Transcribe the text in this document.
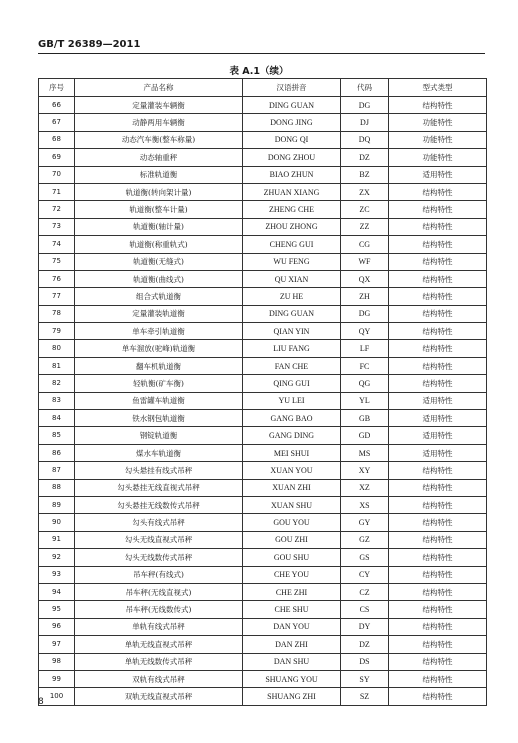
GB/T 26389—2011
表 A.1（续）
序号	产品名称	汉语拼音	代码	型式类型
66	定量灌装车辆衡	DING GUAN	DG	结构特性
67	动静两用车辆衡	DONG JING	DJ	功能特性
68	动态汽车衡(整车称量)	DONG QI	DQ	功能特性
69	动态轴重秤	DONG ZHOU	DZ	功能特性
70	标准轨道衡	BIAO ZHUN	BZ	适用特性
71	轨道衡(转向架计量)	ZHUAN XIANG	ZX	结构特性
72	轨道衡(整车计量)	ZHENG CHE	ZC	结构特性
73	轨道衡(轴计量)	ZHOU ZHONG	ZZ	结构特性
74	轨道衡(称重轨式)	CHENG GUI	CG	结构特性
75	轨道衡(无缝式)	WU FENG	WF	结构特性
76	轨道衡(曲线式)	QU XIAN	QX	结构特性
77	组合式轨道衡	ZU HE	ZH	结构特性
78	定量灌装轨道衡	DING GUAN	DG	结构特性
79	单车牵引轨道衡	QIAN YIN	QY	结构特性
80	单车溜放(驼峰)轨道衡	LIU FANG	LF	结构特性
81	翻车机轨道衡	FAN CHE	FC	结构特性
82	轻轨衡(矿车衡)	QING GUI	QG	结构特性
83	鱼雷罐车轨道衡	YU LEI	YL	适用特性
84	铁水钢包轨道衡	GANG BAO	GB	适用特性
85	钢锭轨道衡	GANG DING	GD	适用特性
86	煤水车轨道衡	MEI SHUI	MS	适用特性
87	勾头悬挂有线式吊秤	XUAN YOU	XY	结构特性
88	勾头悬挂无线直视式吊秤	XUAN ZHI	XZ	结构特性
89	勾头悬挂无线数传式吊秤	XUAN SHU	XS	结构特性
90	勾头有线式吊秤	GOU YOU	GY	结构特性
91	勾头无线直视式吊秤	GOU ZHI	GZ	结构特性
92	勾头无线数传式吊秤	GOU SHU	GS	结构特性
93	吊车秤(有线式)	CHE YOU	CY	结构特性
94	吊车秤(无线直视式)	CHE ZHI	CZ	结构特性
95	吊车秤(无线数传式)	CHE SHU	CS	结构特性
96	单轨有线式吊秤	DAN YOU	DY	结构特性
97	单轨无线直视式吊秤	DAN ZHI	DZ	结构特性
98	单轨无线数传式吊秤	DAN SHU	DS	结构特性
99	双轨有线式吊秤	SHUANG YOU	SY	结构特性
100	双轨无线直视式吊秤	SHUANG ZHI	SZ	结构特性
8
